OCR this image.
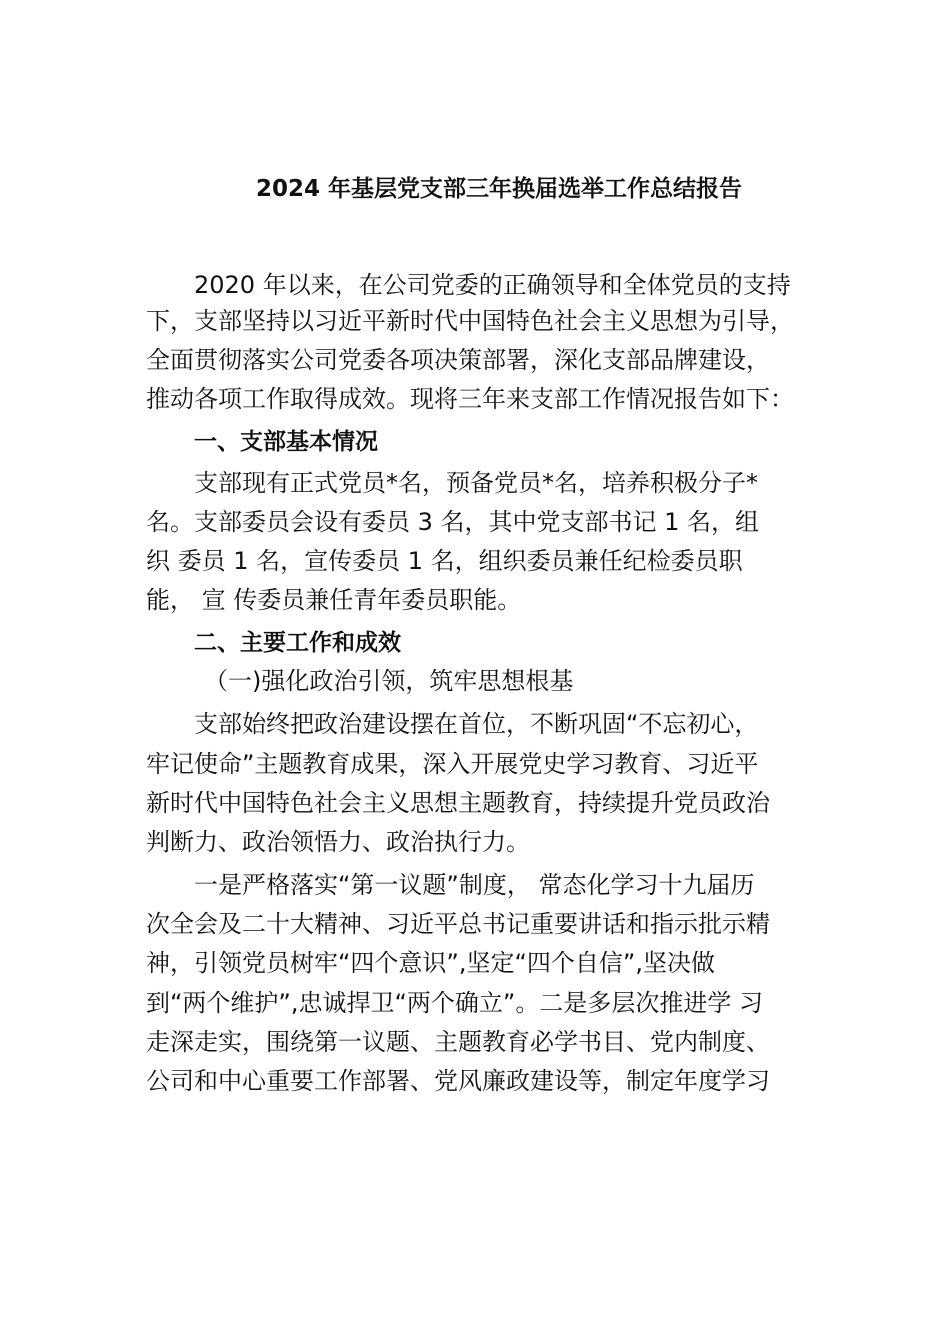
2024 年基层党支部三年换届选举工作总结报告
2020 年以来，在公司党委的正确领导和全体党员的支持
下，支部坚持以习近平新时代中国特色社会主义思想为引导，
全面贯彻落实公司党委各项决策部署，深化支部品牌建设，
推动各项工作取得成效。现将三年来支部工作情况报告如下：
一、支部基本情况
支部现有正式党员*名，预备党员*名，培养积极分子*
名。支部委员会设有委员 3 名，其中党支部书记 1 名，组
织 委员 1 名，宣传委员 1 名，组织委员兼任纪检委员职
能， 宣 传委员兼任青年委员职能。
二、主要工作和成效
（一)强化政治引领，筑牢思想根基
支部始终把政治建设摆在首位，不断巩固“不忘初心，
牢记使命”主题教育成果，深入开展党史学习教育、习近平
新时代中国特色社会主义思想主题教育，持续提升党员政治
判断力、政治领悟力、政治执行力。
一是严格落实“第一议题”制度， 常态化学习十九届历
次全会及二十大精神、习近平总书记重要讲话和指示批示精
神，引领党员树牢“四个意识”,坚定“四个自信”,坚决做
到“两个维护”,忠诚捍卫“两个确立”。二是多层次推进学 习
走深走实，围绕第一议题、主题教育必学书目、党内制度、
公司和中心重要工作部署、党风廉政建设等，制定年度学习
